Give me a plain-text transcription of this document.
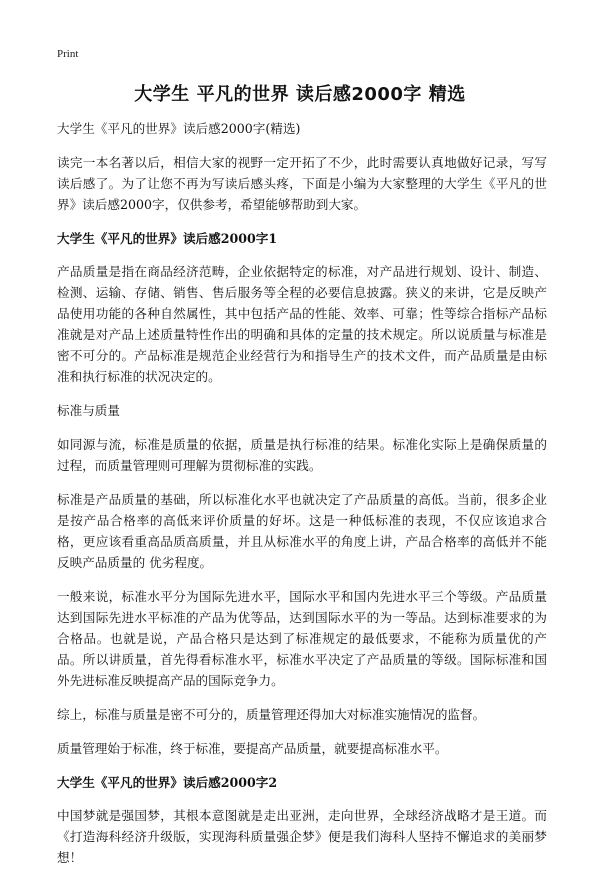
Print
大学生 平凡的世界 读后感2000字 精选

大学生《平凡的世界》读后感2000字(精选)

读完一本名著以后，相信大家的视野一定开拓了不少，此时需要认真地做好记录，写写读后感了。为了让您不再为写读后感头疼，下面是小编为大家整理的大学生《平凡的世界》读后感2000字，仅供参考，希望能够帮助到大家。

大学生《平凡的世界》读后感2000字1

产品质量是指在商品经济范畴，企业依据特定的标准，对产品进行规划、设计、制造、检测、运输、存储、销售、售后服务等全程的必要信息披露。狭义的来讲，它是反映产品使用功能的各种自然属性，其中包括产品的性能、效率、可靠；性等综合指标产品标准就是对产品上述质量特性作出的明确和具体的定量的技术规定。所以说质量与标准是密不可分的。产品标准是规范企业经营行为和指导生产的技术文件，而产品质量是由标准和执行标准的状况决定的。

标准与质量

如同源与流，标准是质量的依据，质量是执行标准的结果。标准化实际上是确保质量的过程，而质量管理则可理解为贯彻标准的实践。

标准是产品质量的基础，所以标准化水平也就决定了产品质量的高低。当前，很多企业是按产品合格率的高低来评价质量的好坏。这是一种低标准的表现，不仅应该追求合格，更应该看重高品质高质量，并且从标准水平的角度上讲，产品合格率的高低并不能反映产品质量的 优劣程度。

一般来说，标准水平分为国际先进水平，国际水平和国内先进水平三个等级。产品质量达到国际先进水平标准的产品为优等品，达到国际水平的为一等品。达到标准要求的为合格品。也就是说，产品合格只是达到了标准规定的最低要求，不能称为质量优的产品。所以讲质量，首先得看标准水平，标准水平决定了产品质量的等级。国际标准和国外先进标准反映提高产品的国际竞争力。

综上，标准与质量是密不可分的，质量管理还得加大对标准实施情况的监督。

质量管理始于标准，终于标准，要提高产品质量，就要提高标准水平。

大学生《平凡的世界》读后感2000字2

中国梦就是强国梦，其根本意图就是走出亚洲，走向世界，全球经济战略才是王道。而《打造海科经济升级版，实现海科质量强企梦》便是我们海科人坚持不懈追求的美丽梦想！
